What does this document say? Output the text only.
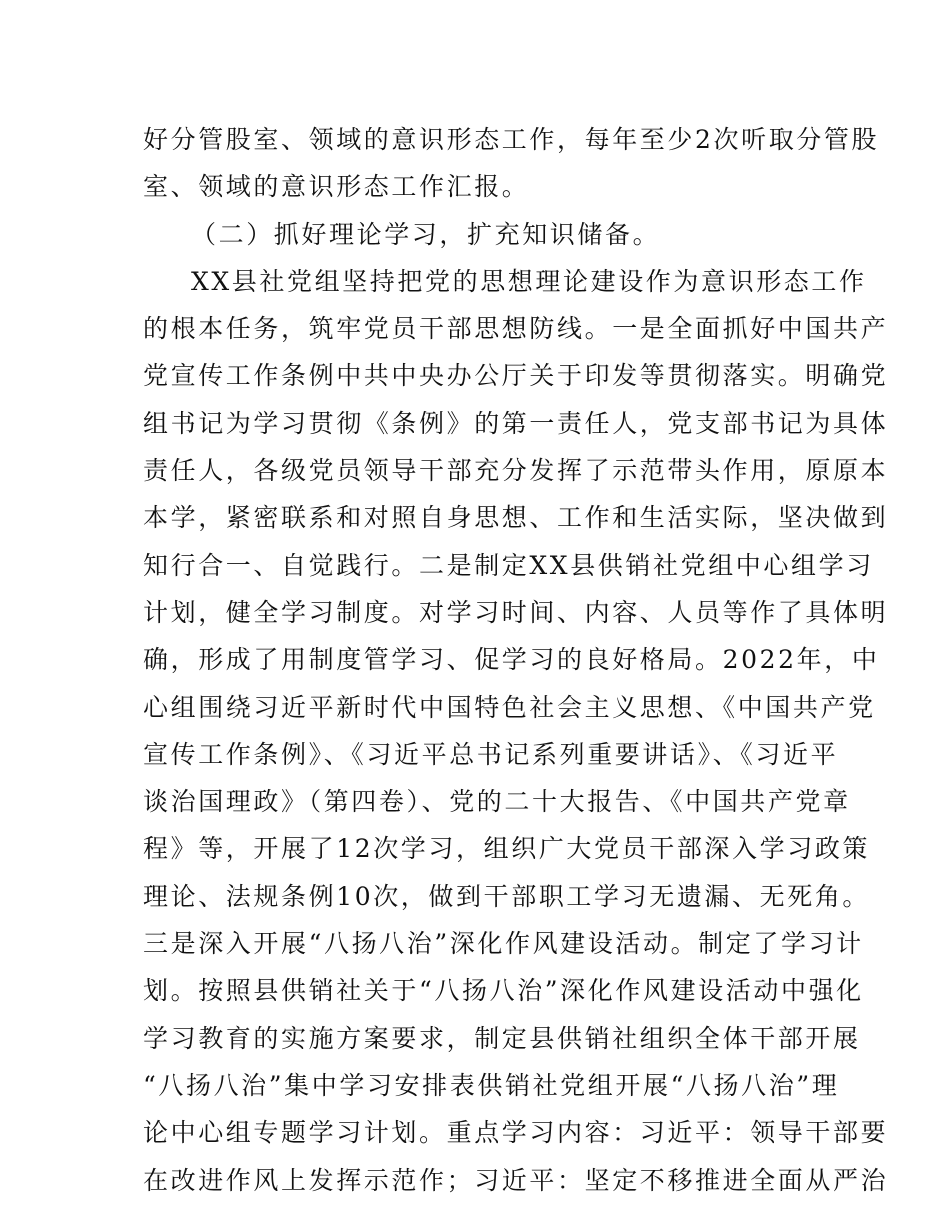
好分管股室、领域的意识形态工作，每年至少2次听取分管股
室、领域的意识形态工作汇报。
（二）抓好理论学习，扩充知识储备。
XX县社党组坚持把党的思想理论建设作为意识形态工作
的根本任务，筑牢党员干部思想防线。一是全面抓好中国共产
党宣传工作条例中共中央办公厅关于印发等贯彻落实。明确党
组书记为学习贯彻《条例》的第一责任人，党支部书记为具体
责任人，各级党员领导干部充分发挥了示范带头作用，原原本
本学，紧密联系和对照自身思想、工作和生活实际，坚决做到
知行合一、自觉践行。二是制定XX县供销社党组中心组学习
计划，健全学习制度。对学习时间、内容、人员等作了具体明
确，形成了用制度管学习、促学习的良好格局。2022年，中
心组围绕习近平新时代中国特色社会主义思想、《中国共产党
宣传工作条例》、《习近平总书记系列重要讲话》、《习近平
谈治国理政》（第四卷）、党的二十大报告、《中国共产党章
程》等，开展了12次学习，组织广大党员干部深入学习政策
理论、法规条例10次，做到干部职工学习无遗漏、无死角。
三是深入开展“八扬八治”深化作风建设活动。制定了学习计
划。按照县供销社关于“八扬八治”深化作风建设活动中强化
学习教育的实施方案要求，制定县供销社组织全体干部开展
“八扬八治”集中学习安排表供销社党组开展“八扬八治”理
论中心组专题学习计划。重点学习内容：习近平：领导干部要
在改进作风上发挥示范作；习近平：坚定不移推进全面从严治
